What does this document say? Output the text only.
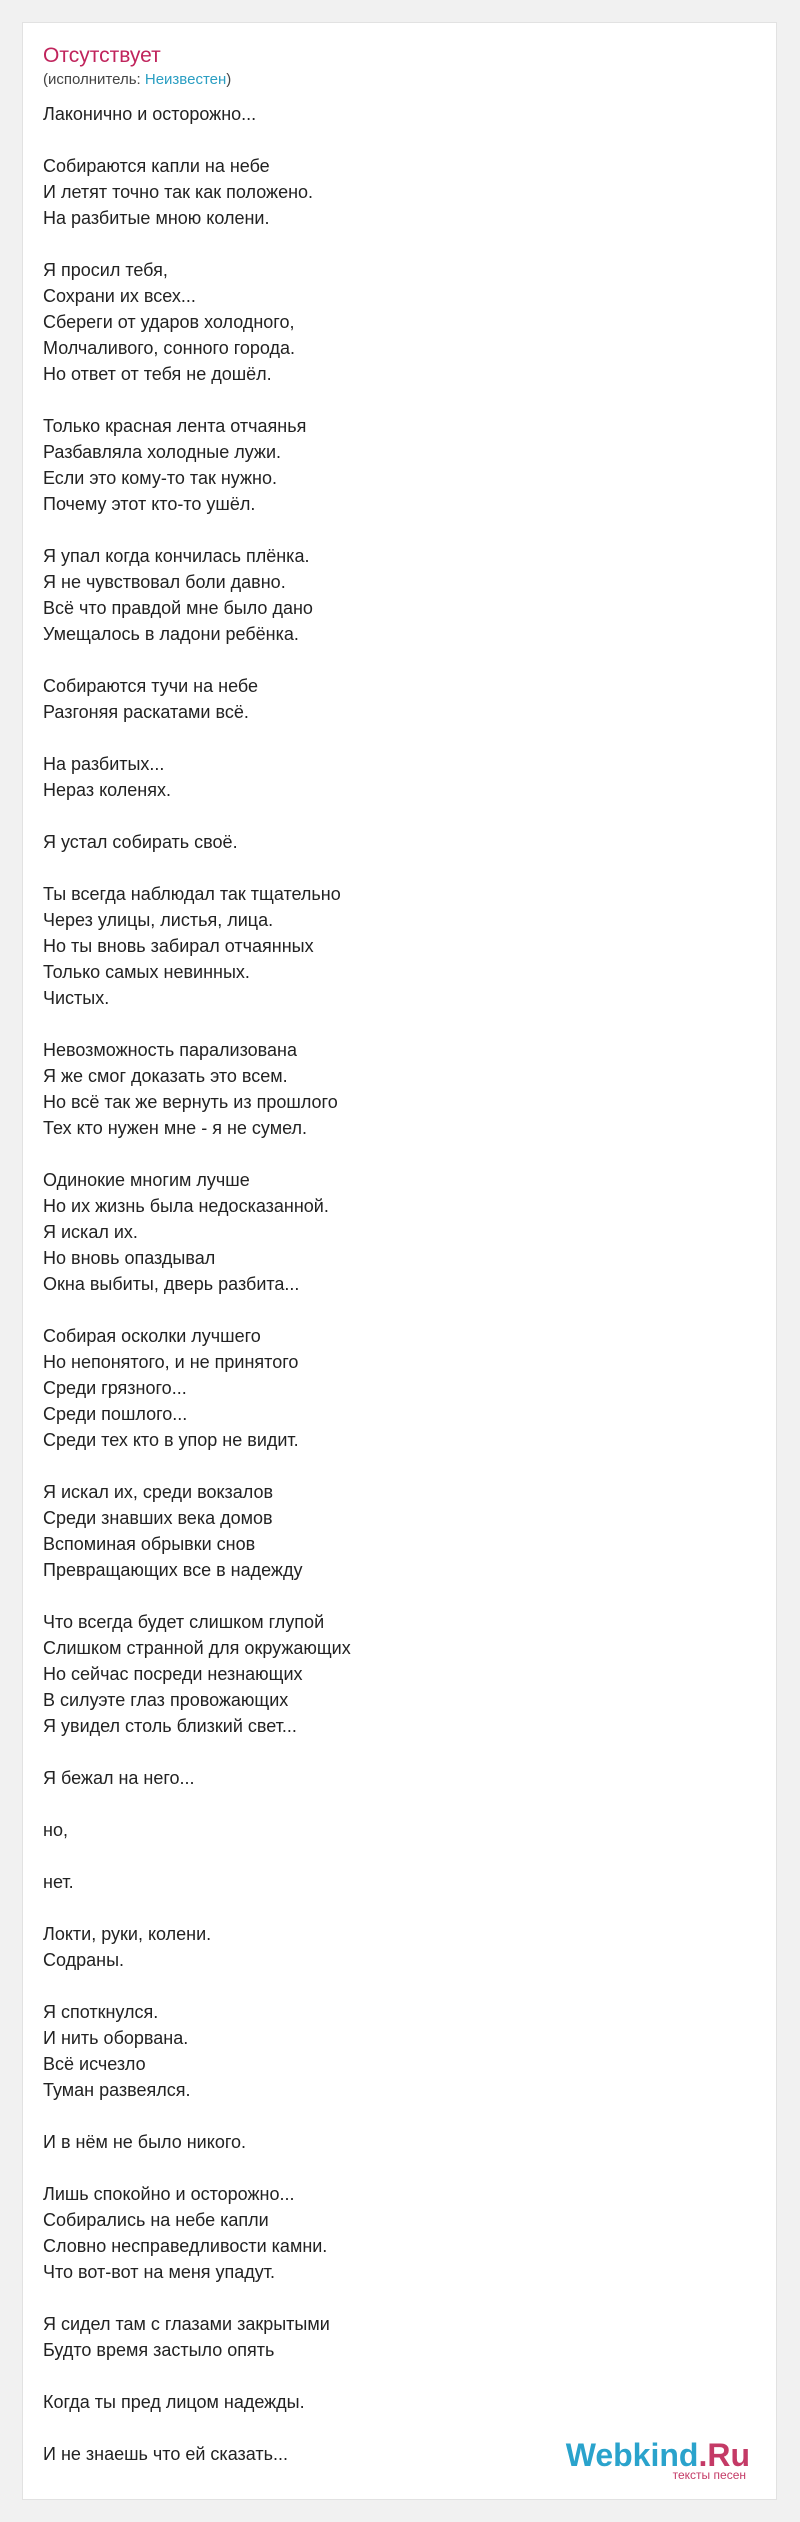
Отсутствует
(исполнитель: Неизвестен)

Лаконично и осторожно...

Собираются капли на небе
И летят точно так как положено.
На разбитые мною колени.

Я просил тебя,
Сохрани их всех...
Сбереги от ударов холодного,
Молчаливого, сонного города.
Но ответ от тебя не дошёл.

Только красная лента отчаянья
Разбавляла холодные лужи.
Если это кому-то так нужно.
Почему этот кто-то ушёл.

Я упал когда кончилась плёнка.
Я не чувствовал боли давно.
Всё что правдой мне было дано
Умещалось в ладони ребёнка.

Собираются тучи на небе
Разгоняя раскатами всё.

На разбитых...
Нераз коленях.

Я устал собирать своё.

Ты всегда наблюдал так тщательно
Через улицы, листья, лица.
Но ты вновь забирал отчаянных
Только самых невинных.
Чистых.

Невозможность парализована
Я же смог доказать это всем.
Но всё так же вернуть из прошлого
Тех кто нужен мне - я не сумел.

Одинокие многим лучше
Но их жизнь была недосказанной.
Я искал их.
Но вновь опаздывал
Окна выбиты, дверь разбита...

Собирая осколки лучшего
Но непонятого, и не принятого
Среди грязного...
Среди пошлого...
Среди тех кто в упор не видит.

Я искал их, среди вокзалов
Среди знавших века домов
Вспоминая обрывки снов
Превращающих все в надежду

Что всегда будет слишком глупой
Слишком странной для окружающих
Но сейчас посреди незнающих
В силуэте глаз провожающих
Я увидел столь близкий свет...

Я бежал на него...

но,

нет.

Локти, руки, колени.
Содраны.

Я споткнулся.
И нить оборвана.
Всё исчезло
Туман развеялся.

И в нём не было никого.

Лишь спокойно и осторожно...
Собирались на небе капли
Словно несправедливости камни.
Что вот-вот на меня упадут.

Я сидел там с глазами закрытыми
Будто время застыло опять

Когда ты пред лицом надежды.

И не знаешь что ей сказать...	Webkind.Ru
тексты песен
